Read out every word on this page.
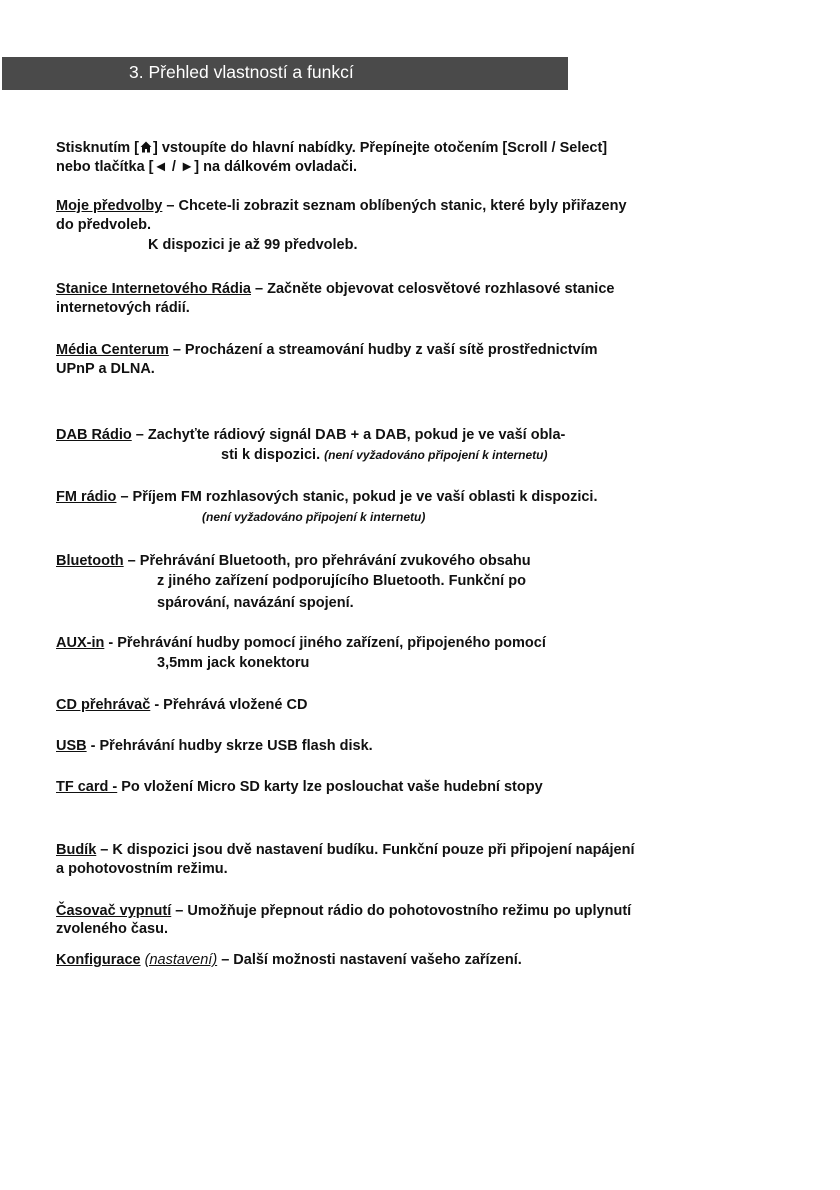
3. Přehled vlastností a funkcí
Stisknutím [ ] vstoupíte do hlavní nabídky. Přepínejte otočením [Scroll / Select]
nebo tlačítka [◄ / ►] na dálkovém ovladači.
Moje předvolby – Chcete-li zobrazit seznam oblíbených stanic, které byly přiřazeny
do předvoleb.
K dispozici je až 99 předvoleb.
Stanice Internetového Rádia – Začněte objevovat celosvětové rozhlasové stanice
internetových rádií.
Média Centerum – Procházení a streamování hudby z vaší sítě prostřednictvím
UPnP a DLNA.
DAB Rádio – Zachyťte rádiový signál DAB + a DAB, pokud je ve vaší obla-
sti k dispozici. (není vyžadováno připojení k internetu)
FM rádio – Příjem FM rozhlasových stanic, pokud je ve vaší oblasti k dispozici.
(není vyžadováno připojení k internetu)
Bluetooth – Přehrávání Bluetooth, pro přehrávání zvukového obsahu
z jiného zařízení podporujícího Bluetooth. Funkční po
spárování, navázání spojení.
AUX-in - Přehrávání hudby pomocí jiného zařízení, připojeného pomocí
3,5mm jack konektoru
CD přehrávač - Přehrává vložené CD
USB - Přehrávání hudby skrze USB flash disk.
TF card - Po vložení Micro SD karty lze poslouchat vaše hudební stopy
Budík – K dispozici jsou dvě nastavení budíku. Funkční pouze při připojení napájení
a pohotovostním režimu.
Časovač vypnutí – Umožňuje přepnout rádio do pohotovostního režimu po uplynutí
zvoleného času.
Konfigurace (nastavení) – Další možnosti nastavení vašeho zařízení.
